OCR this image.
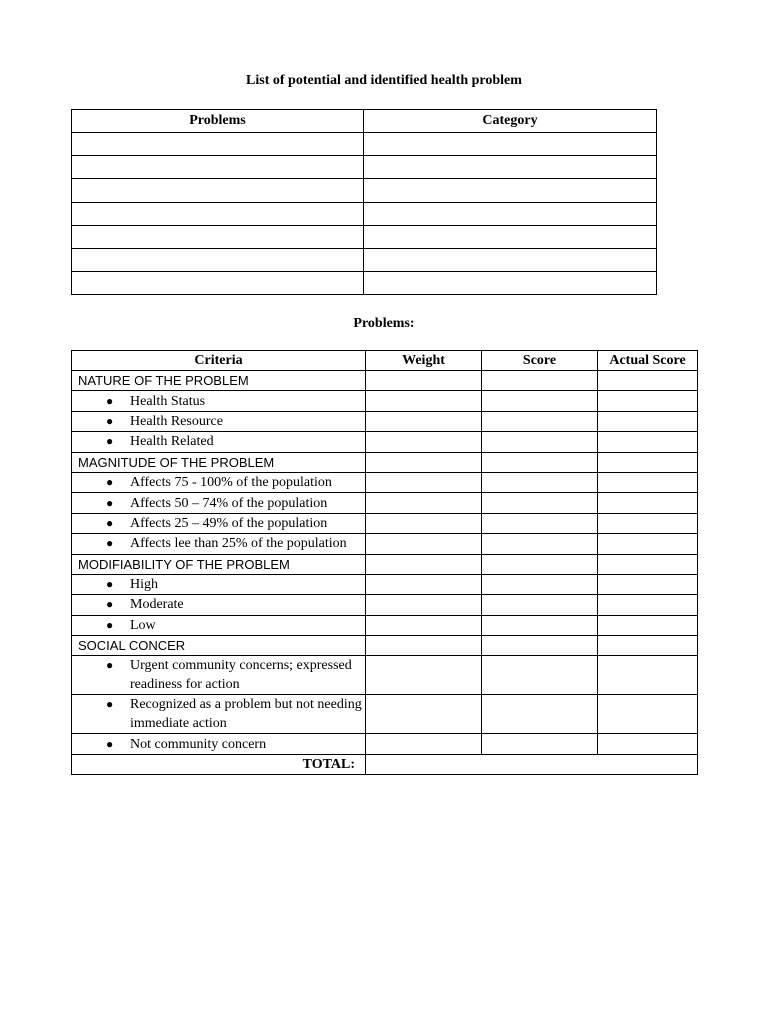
List of potential and identified health problem
Problems	Category

Problems:
Criteria	Weight	Score	Actual Score
NATURE OF THE PROBLEM			

● Health Status			

● Health Resource			

● Health Related			

MAGNITUDE OF THE PROBLEM			

● Affects 75 - 100% of the population			

● Affects 50 – 74% of the population			

● Affects 25 – 49% of the population			

● Affects lee than 25% of the population			

MODIFIABILITY OF THE PROBLEM			

● High			

● Moderate			

● Low			

SOCIAL CONCER			

● Urgent community concerns; expressed readiness for action			

● Recognized as a problem but not needing immediate action			

● Not community concern			

TOTAL:			
